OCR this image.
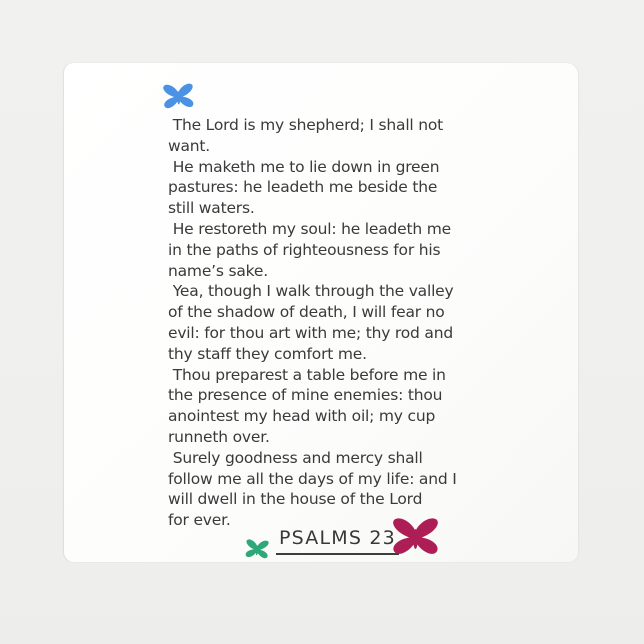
The Lord is my shepherd; I shall not
want.
He maketh me to lie down in green
pastures: he leadeth me beside the
still waters.
He restoreth my soul: he leadeth me
in the paths of righteousness for his
name’s sake.
Yea, though I walk through the valley
of the shadow of death, I will fear no
evil: for thou art with me; thy rod and
thy staff they comfort me.
Thou preparest a table before me in
the presence of mine enemies: thou
anointest my head with oil; my cup
runneth over.
Surely goodness and mercy shall
follow me all the days of my life: and I
will dwell in the house of the Lord
for ever.
PSALMS 23
